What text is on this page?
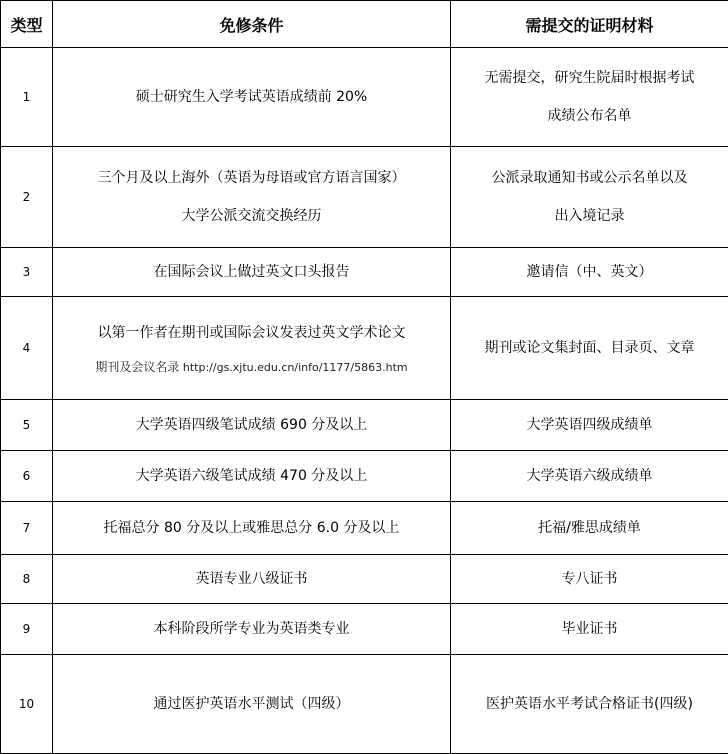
类型	免修条件	需提交的证明材料
1	硕士研究生入学考试英语成绩前 20%	无需提交，研究生院届时根据考试
成绩公布名单

2	三个月及以上海外（英语为母语或官方语言国家）
大学公派交流交换经历	公派录取通知书或公示名单以及
出入境记录

3	在国际会议上做过英文口头报告	邀请信（中、英文）

4	以第一作者在期刊或国际会议发表过英文学术论文
期刊及会议名录 http://gs.xjtu.edu.cn/info/1177/5863.htm	期刊或论文集封面、目录页、文章

5	大学英语四级笔试成绩 690 分及以上	大学英语四级成绩单

6	大学英语六级笔试成绩 470 分及以上	大学英语六级成绩单

7	托福总分 80 分及以上或雅思总分 6.0 分及以上	托福/雅思成绩单

8	英语专业八级证书	专八证书

9	本科阶段所学专业为英语类专业	毕业证书

10	通过医护英语水平测试（四级）	医护英语水平考试合格证书(四级)
